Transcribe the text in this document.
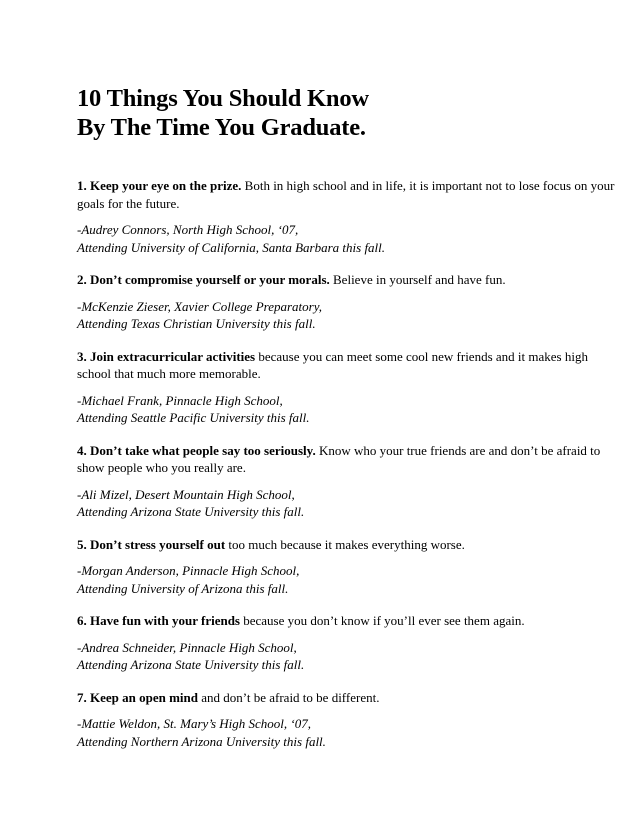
10 Things You Should Know
By The Time You Graduate.

1. Keep your eye on the prize. Both in high school and in life, it is important not to lose focus on your goals for the future.

-Audrey Connors, North High School, ‘07,
Attending University of California, Santa Barbara this fall.

2. Don’t compromise yourself or your morals. Believe in yourself and have fun.

-McKenzie Zieser, Xavier College Preparatory,
Attending Texas Christian University this fall.

3. Join extracurricular activities because you can meet some cool new friends and it makes high school that much more memorable.

-Michael Frank, Pinnacle High School,
Attending Seattle Pacific University this fall.

4. Don’t take what people say too seriously. Know who your true friends are and don’t be afraid to show people who you really are.

-Ali Mizel, Desert Mountain High School,
Attending Arizona State University this fall.

5. Don’t stress yourself out too much because it makes everything worse.

-Morgan Anderson, Pinnacle High School,
Attending University of Arizona this fall.

6. Have fun with your friends because you don’t know if you’ll ever see them again.

-Andrea Schneider, Pinnacle High School,
Attending Arizona State University this fall.

7. Keep an open mind and don’t be afraid to be different.

-Mattie Weldon, St. Mary’s High School, ‘07,
Attending Northern Arizona University this fall.
